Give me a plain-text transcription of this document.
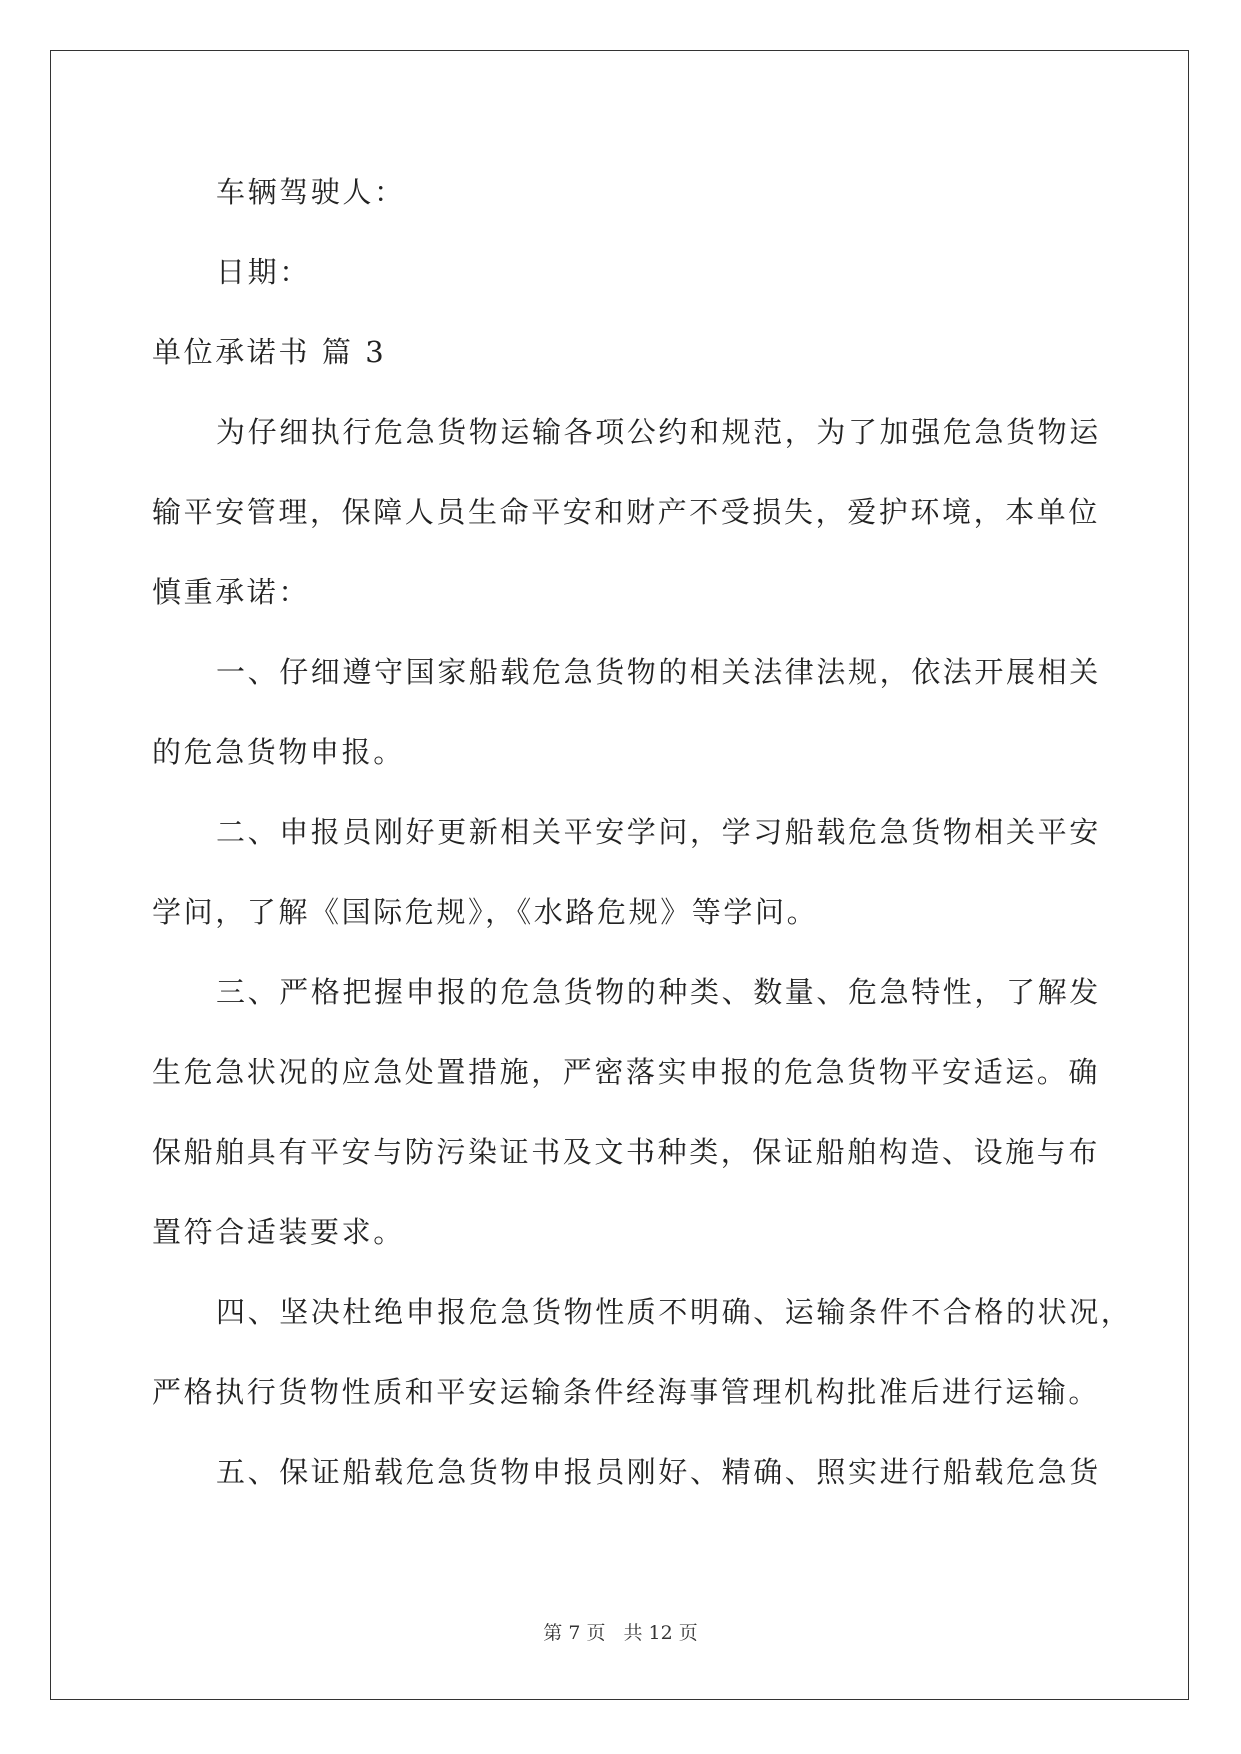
车辆驾驶人：
日期：
单位承诺书 篇 3
为仔细执行危急货物运输各项公约和规范，为了加强危急货物运
输平安管理，保障人员生命平安和财产不受损失，爱护环境，本单位
慎重承诺：
一、仔细遵守国家船载危急货物的相关法律法规，依法开展相关
的危急货物申报。
二、申报员刚好更新相关平安学问，学习船载危急货物相关平安
学问，了解《国际危规》，《水路危规》等学问。
三、严格把握申报的危急货物的种类、数量、危急特性，了解发
生危急状况的应急处置措施，严密落实申报的危急货物平安适运。确
保船舶具有平安与防污染证书及文书种类，保证船舶构造、设施与布
置符合适装要求。
四、坚决杜绝申报危急货物性质不明确、运输条件不合格的状况，
严格执行货物性质和平安运输条件经海事管理机构批准后进行运输。
五、保证船载危急货物申报员刚好、精确、照实进行船载危急货
第 7 页 共 12 页
